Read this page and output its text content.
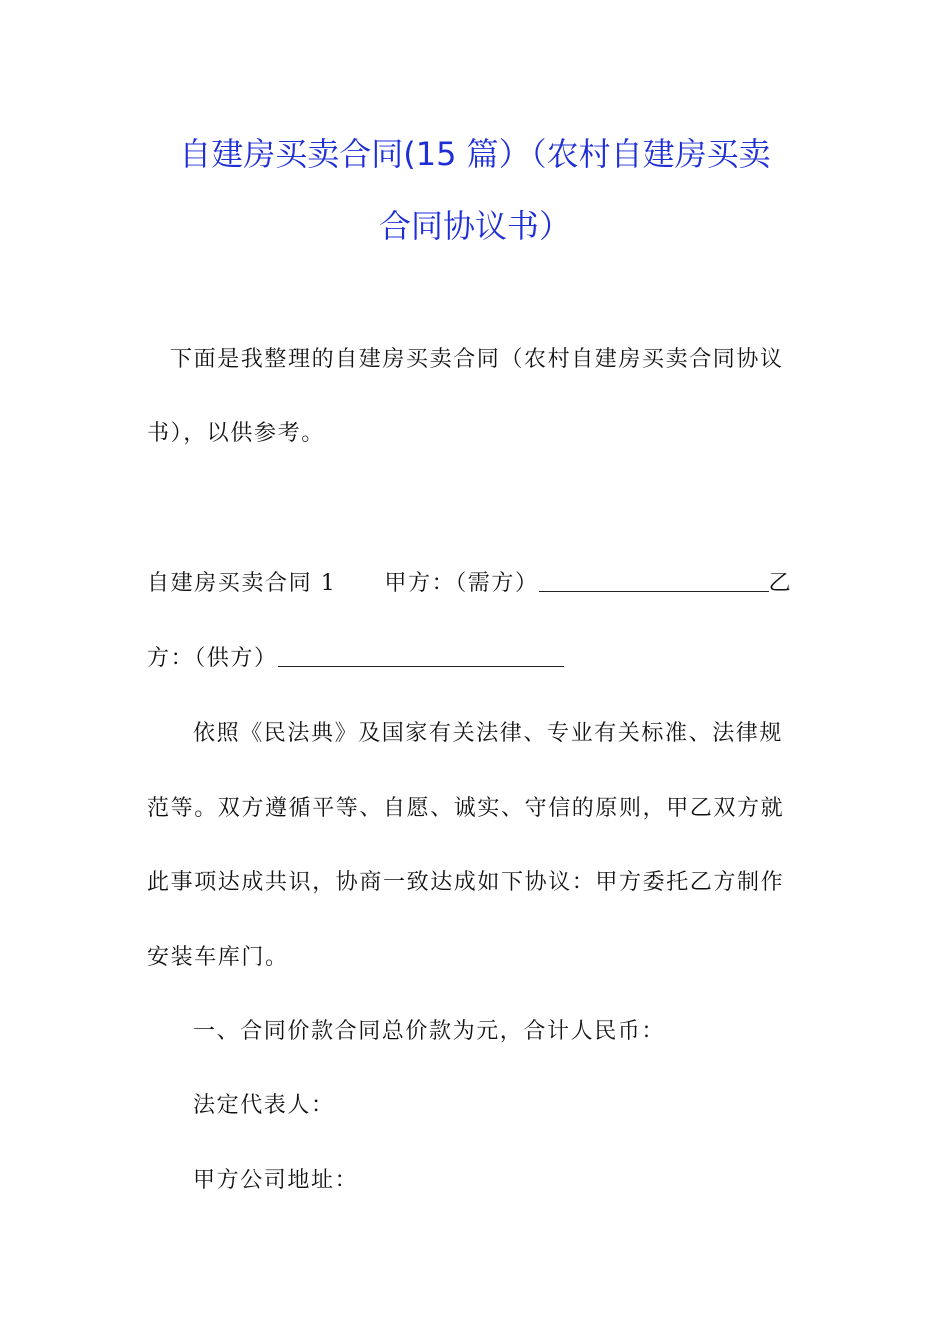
自建房买卖合同(15 篇）（农村自建房买卖
合同协议书）
下面是我整理的自建房买卖合同（农村自建房买卖合同协议
书），以供参考。
自建房买卖合同 1 甲方：（需方）	乙
方：（供方）
依照《民法典》及国家有关法律、专业有关标准、法律规
范等。双方遵循平等、自愿、诚实、守信的原则，甲乙双方就
此事项达成共识，协商一致达成如下协议：甲方委托乙方制作
安装车库门。
一、合同价款合同总价款为元，合计人民币：
法定代表人：
甲方公司地址：
